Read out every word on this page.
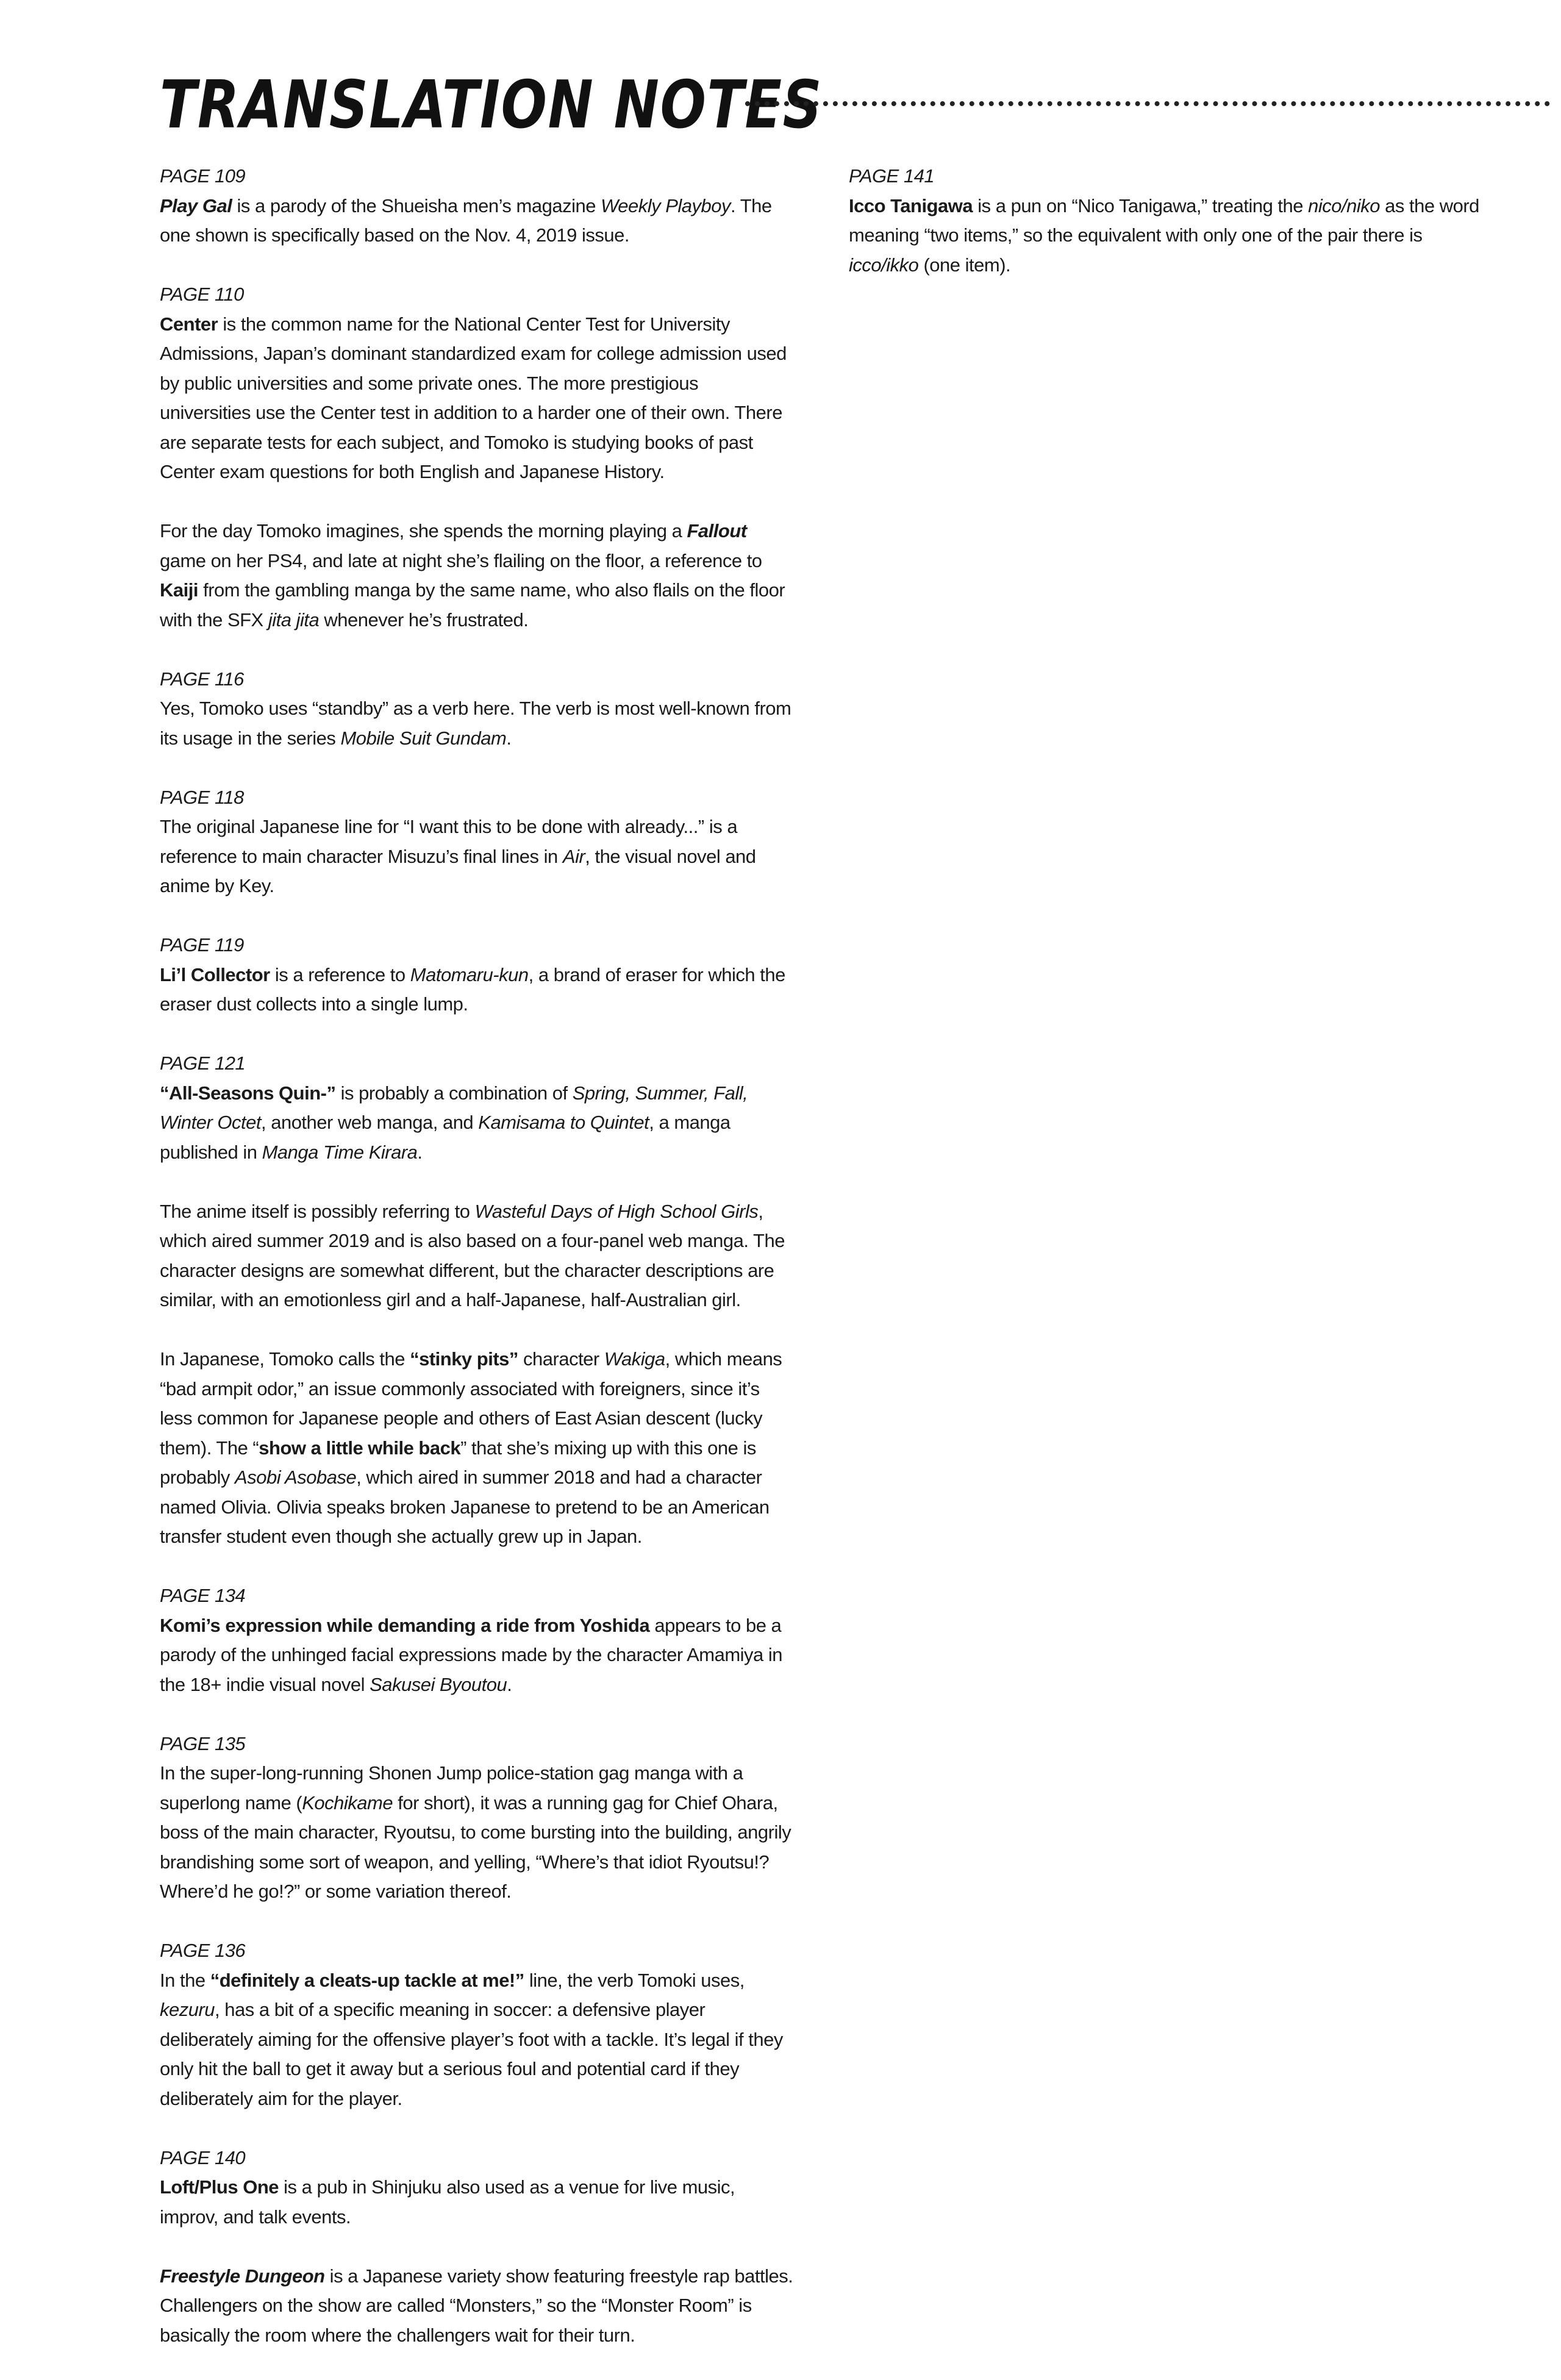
TRANSLATION NOTES
PAGE 109

Play Gal is a parody of the Shueisha men’s magazine Weekly Playboy. The one shown is specifically based on the Nov. 4, 2019 issue.

PAGE 110

Center is the common name for the National Center Test for University Admissions, Japan’s dominant standardized exam for college admission used by public universities and some private ones. The more prestigious universities use the Center test in addition to a harder one of their own. There are separate tests for each subject, and Tomoko is studying books of past Center exam questions for both English and Japanese History.

For the day Tomoko imagines, she spends the morning playing a Fallout game on her PS4, and late at night she’s flailing on the floor, a reference to Kaiji from the gambling manga by the same name, who also flails on the floor with the SFX jita jita whenever he’s frustrated.

PAGE 116

Yes, Tomoko uses “standby” as a verb here. The verb is most well-known from its usage in the series Mobile Suit Gundam.

PAGE 118

The original Japanese line for “I want this to be done with already...” is a reference to main character Misuzu’s final lines in Air, the visual novel and anime by Key.

PAGE 119

Li’l Collector is a reference to Matomaru-kun, a brand of eraser for which the eraser dust collects into a single lump.

PAGE 121

“All-Seasons Quin-” is probably a combination of Spring, Summer, Fall, Winter Octet, another web manga, and Kamisama to Quintet, a manga published in Manga Time Kirara.

The anime itself is possibly referring to Wasteful Days of High School Girls, which aired summer 2019 and is also based on a four-panel web manga. The character designs are somewhat different, but the character descriptions are similar, with an emotionless girl and a half-Japanese, half-Australian girl.

In Japanese, Tomoko calls the “stinky pits” character Wakiga, which means “bad armpit odor,” an issue commonly associated with foreigners, since it’s less common for Japanese people and others of East Asian descent (lucky them). The “show a little while back” that she’s mixing up with this one is probably Asobi Asobase, which aired in summer 2018 and had a character named Olivia. Olivia speaks broken Japanese to pretend to be an American transfer student even though she actually grew up in Japan.

PAGE 134

Komi’s expression while demanding a ride from Yoshida appears to be a parody of the unhinged facial expressions made by the character Amamiya in the 18+ indie visual novel Sakusei Byoutou.

PAGE 135

In the super-long-running Shonen Jump police-station gag manga with a superlong name (Kochikame for short), it was a running gag for Chief Ohara, boss of the main character, Ryoutsu, to come bursting into the building, angrily brandishing some sort of weapon, and yelling, “Where’s that idiot Ryoutsu!? Where’d he go!?” or some variation thereof.

PAGE 136

In the “definitely a cleats-up tackle at me!” line, the verb Tomoki uses, kezuru, has a bit of a specific meaning in soccer: a defensive player deliberately aiming for the offensive player’s foot with a tackle. It’s legal if they only hit the ball to get it away but a serious foul and potential card if they deliberately aim for the player.

PAGE 140

Loft/Plus One is a pub in Shinjuku also used as a venue for live music, improv, and talk events.

Freestyle Dungeon is a Japanese variety show featuring freestyle rap battles. Challengers on the show are called “Monsters,” so the “Monster Room” is basically the room where the challengers wait for their turn.

PAGE 141

Icco Tanigawa is a pun on “Nico Tanigawa,” treating the nico/niko as the word meaning “two items,” so the equivalent with only one of the pair there is icco/ikko (one item).
